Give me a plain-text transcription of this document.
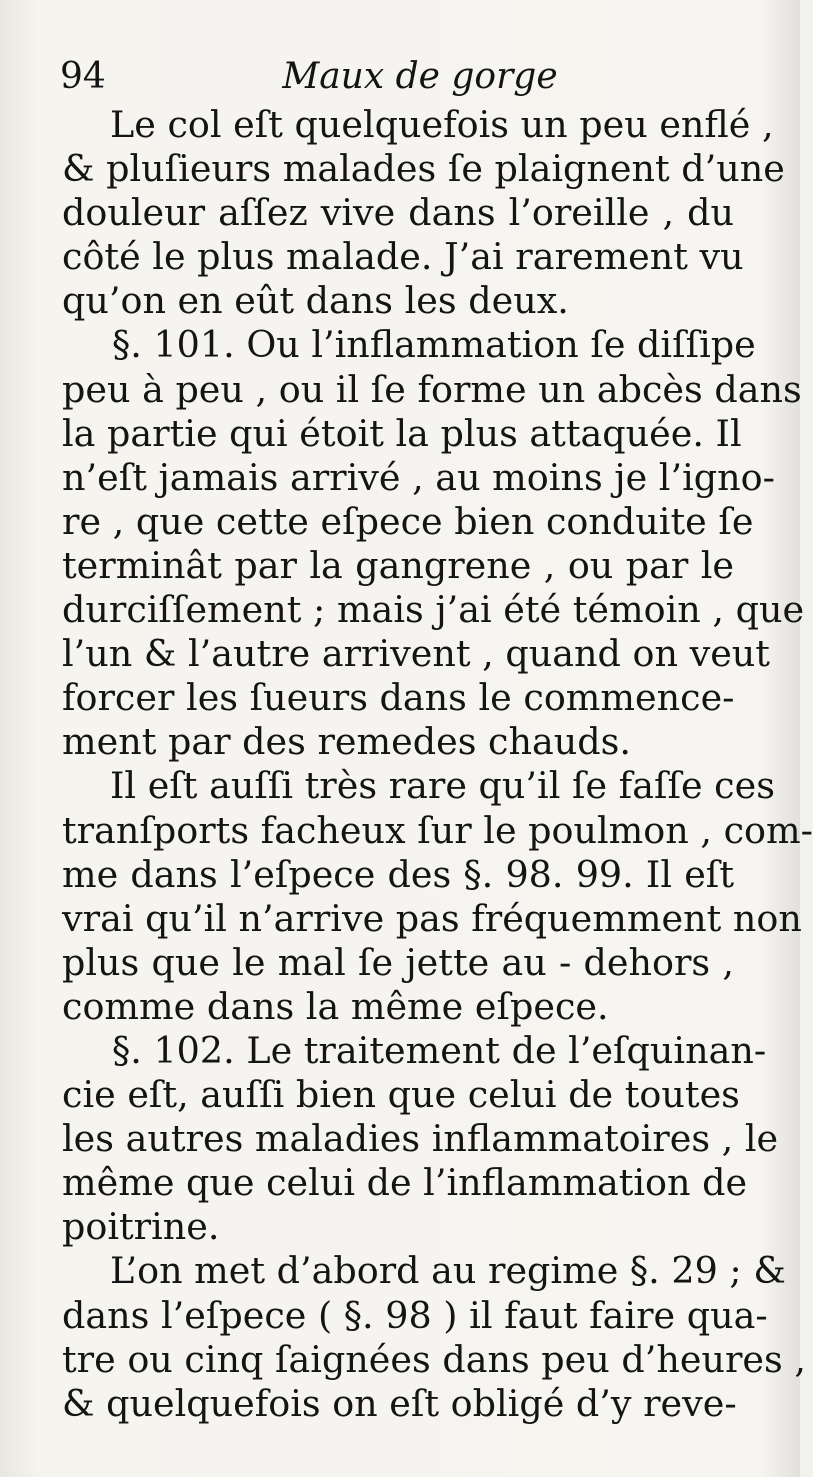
94	Maux de gorge
Le col eſt quelquefois un peu enflé ,
& pluſieurs malades ſe plaignent d’une
douleur aſſez vive dans l’oreille , du
côté le plus malade. J’ai rarement vu
qu’on en eût dans les deux.
§. 101. Ou l’inflammation ſe diſſipe
peu à peu , ou il ſe forme un abcès dans
la partie qui étoit la plus attaquée. Il
n’eſt jamais arrivé , au moins je l’igno-
re , que cette eſpece bien conduite ſe
terminât par la gangrene , ou par le
durciſſement ; mais j’ai été témoin , que
l’un & l’autre arrivent , quand on veut
forcer les ſueurs dans le commence-
ment par des remedes chauds.
Il eſt auſſi très rare qu’il ſe faſſe ces
tranſports facheux ſur le poulmon , com-
me dans l’eſpece des §. 98. 99. Il eſt
vrai qu’il n’arrive pas fréquemment non
plus que le mal ſe jette au - dehors ,
comme dans la même eſpece.
§. 102. Le traitement de l’eſquinan-
cie eſt, auſſi bien que celui de toutes
les autres maladies inflammatoires , le
même que celui de l’inflammation de
poitrine.
L’on met d’abord au regime §. 29 ; &
dans l’eſpece ( §. 98 ) il faut faire qua-
tre ou cinq ſaignées dans peu d’heures ,
& quelquefois on eſt obligé d’y reve-
